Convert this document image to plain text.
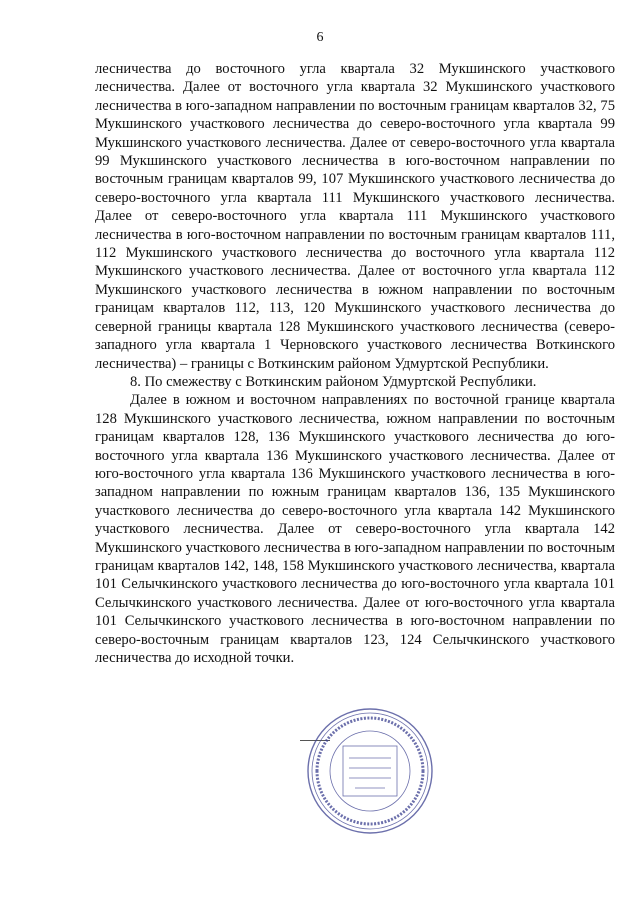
6

лесничества до восточного угла квартала 32 Мукшинского участкового лесничества. Далее от восточного угла квартала 32 Мукшинского участкового лесничества в юго-западном направлении по восточным границам кварталов 32, 75 Мукшинского участкового лесничества до северо-восточного угла квартала 99 Мукшинского участкового лесничества. Далее от северо-восточного угла квартала 99 Мукшинского участкового лесничества в юго-восточном направлении по восточным границам кварталов 99, 107 Мукшинского участкового лесничества до северо-восточного угла квартала 111 Мукшинского участкового лесничества. Далее от северо-восточного угла квартала 111 Мукшинского участкового лесничества в юго-восточном направлении по восточным границам кварталов 111, 112 Мукшинского участкового лесничества до восточного угла квартала 112 Мукшинского участкового лесничества. Далее от восточного угла квартала 112 Мукшинского участкового лесничества в южном направлении по восточным границам кварталов 112, 113, 120 Мукшинского участкового лесничества до северной границы квартала 128 Мукшинского участкового лесничества (северо-западного угла квартала 1 Черновского участкового лесничества Воткинского лесничества) – границы с Воткинским районом Удмуртской Республики.

8. По смежеству с Воткинским районом Удмуртской Республики.

Далее в южном и восточном направлениях по восточной границе квартала 128 Мукшинского участкового лесничества, южном направлении по восточным границам кварталов 128, 136 Мукшинского участкового лесничества до юго-восточного угла квартала 136 Мукшинского участкового лесничества. Далее от юго-восточного угла квартала 136 Мукшинского участкового лесничества в юго-западном направлении по южным границам кварталов 136, 135 Мукшинского участкового лесничества до северо-восточного угла квартала 142 Мукшинского участкового лесничества. Далее от северо-восточного угла квартала 142 Мукшинского участкового лесничества в юго-западном направлении по восточным границам кварталов 142, 148, 158 Мукшинского участкового лесничества, квартала 101 Селычкинского участкового лесничества до юго-восточного угла квартала 101 Селычкинского участкового лесничества. Далее от юго-восточного угла квартала 101 Селычкинского участкового лесничества в юго-восточном направлении по северо-восточным границам кварталов 123, 124 Селычкинского участкового лесничества до исходной точки.
